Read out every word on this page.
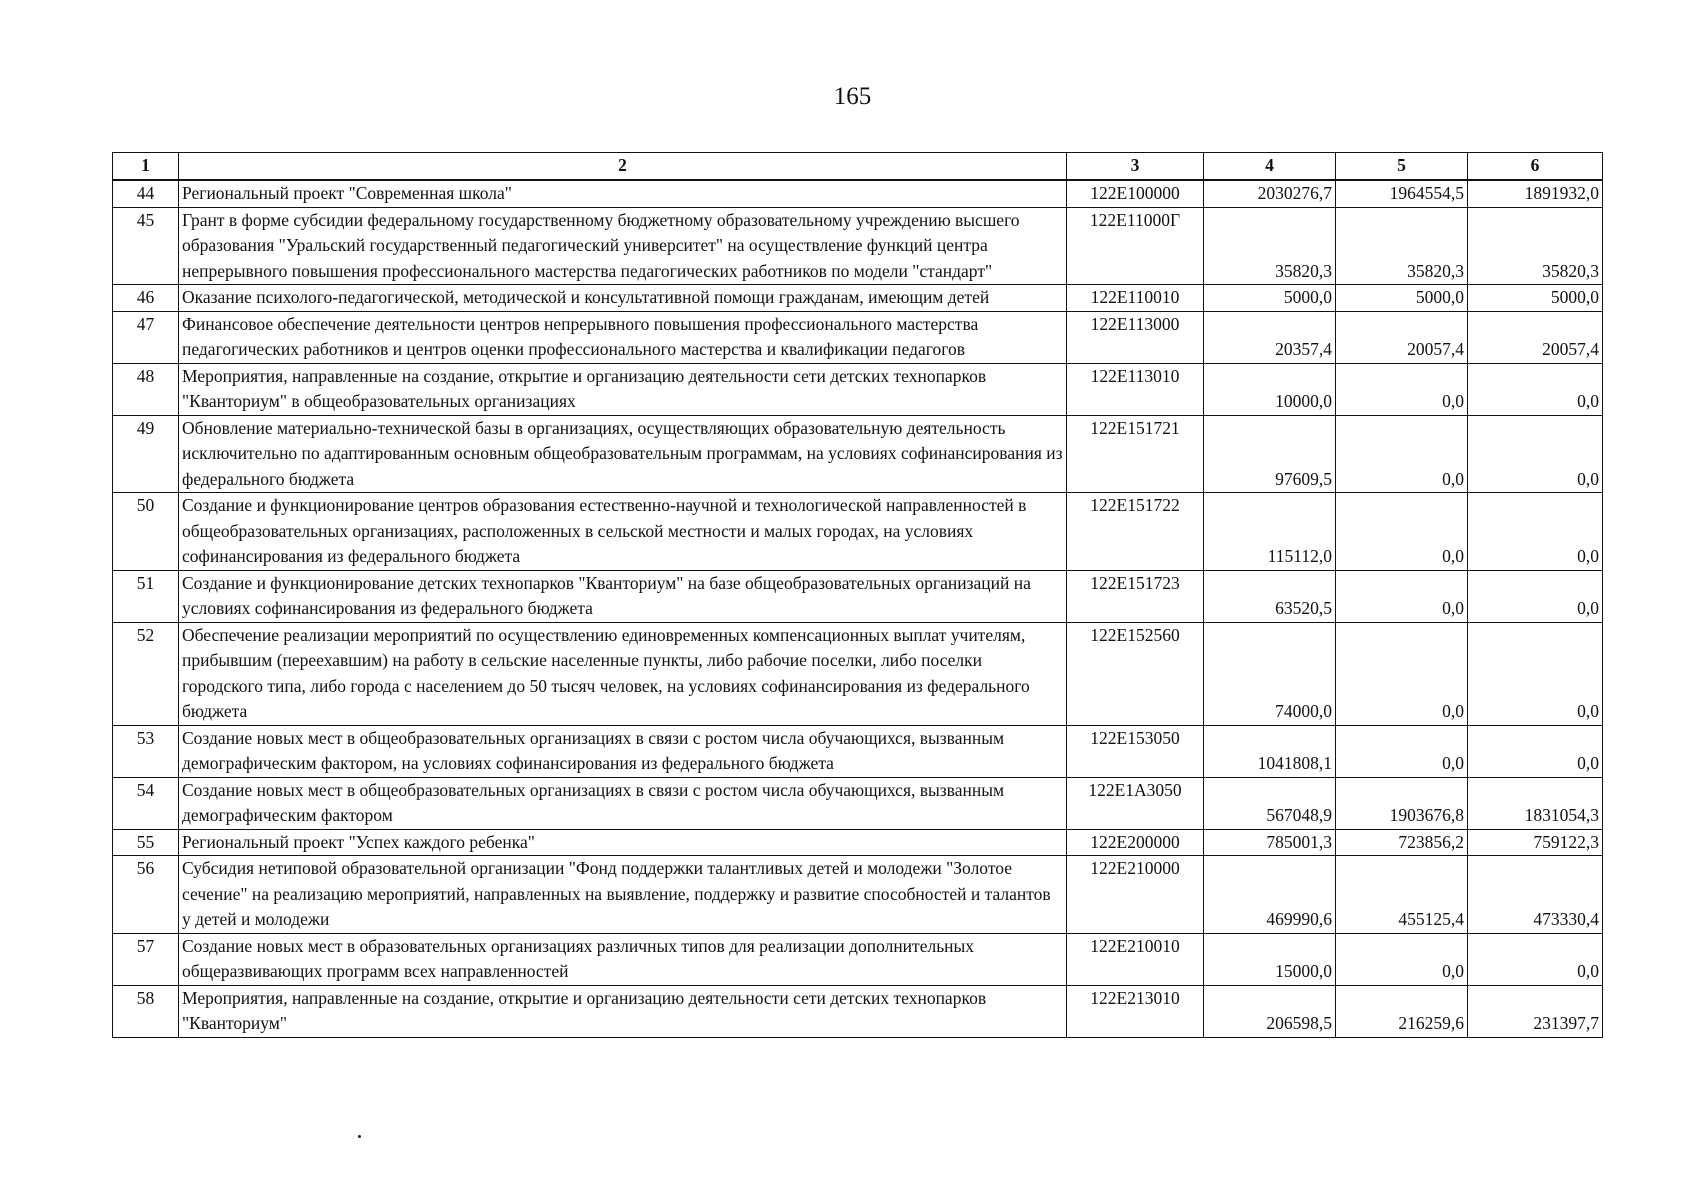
165
1	2	3	4	5	6
44	Региональный проект "Современная школа"	122E100000	2030276,7	1964554,5	1891932,0
45	Грант в форме субсидии федеральному государственному бюджетному образовательному учреждению высшего образования "Уральский государственный педагогический университет" на осуществление функций центра непрерывного повышения профессионального мастерства педагогических работников по модели "стандарт"	122E11000Г	35820,3	35820,3	35820,3
46	Оказание психолого-педагогической, методической и консультативной помощи гражданам, имеющим детей	122E110010	5000,0	5000,0	5000,0
47	Финансовое обеспечение деятельности центров непрерывного повышения профессионального мастерства педагогических работников и центров оценки профессионального мастерства и квалификации педагогов	122E113000	20357,4	20057,4	20057,4
48	Мероприятия, направленные на создание, открытие и организацию деятельности сети детских технопарков "Кванториум" в общеобразовательных организациях	122E113010	10000,0	0,0	0,0
49	Обновление материально-технической базы в организациях, осуществляющих образовательную деятельность исключительно по адаптированным основным общеобразовательным программам, на условиях софинансирования из федерального бюджета	122E151721	97609,5	0,0	0,0
50	Создание и функционирование центров образования естественно-научной и технологической направленностей в общеобразовательных организациях, расположенных в сельской местности и малых городах, на условиях софинансирования из федерального бюджета	122E151722	115112,0	0,0	0,0
51	Создание и функционирование детских технопарков "Кванториум" на базе общеобразовательных организаций на условиях софинансирования из федерального бюджета	122E151723	63520,5	0,0	0,0
52	Обеспечение реализации мероприятий по осуществлению единовременных компенсационных выплат учителям, прибывшим (переехавшим) на работу в сельские населенные пункты, либо рабочие поселки, либо поселки городского типа, либо города с населением до 50 тысяч человек, на условиях софинансирования из федерального бюджета	122E152560	74000,0	0,0	0,0
53	Создание новых мест в общеобразовательных организациях в связи с ростом числа обучающихся, вызванным демографическим фактором, на условиях софинансирования из федерального бюджета	122E153050	1041808,1	0,0	0,0
54	Создание новых мест в общеобразовательных организациях в связи с ростом числа обучающихся, вызванным демографическим фактором	122E1A3050	567048,9	1903676,8	1831054,3
55	Региональный проект "Успех каждого ребенка"	122E200000	785001,3	723856,2	759122,3
56	Субсидия нетиповой образовательной организации "Фонд поддержки талантливых детей и молодежи "Золотое сечение" на реализацию мероприятий, направленных на выявление, поддержку и развитие способностей и талантов у детей и молодежи	122E210000	469990,6	455125,4	473330,4
57	Создание новых мест в образовательных организациях различных типов для реализации дополнительных общеразвивающих программ всех направленностей	122E210010	15000,0	0,0	0,0
58	Мероприятия, направленные на создание, открытие и организацию деятельности сети детских технопарков "Кванториум"	122E213010	206598,5	216259,6	231397,7
